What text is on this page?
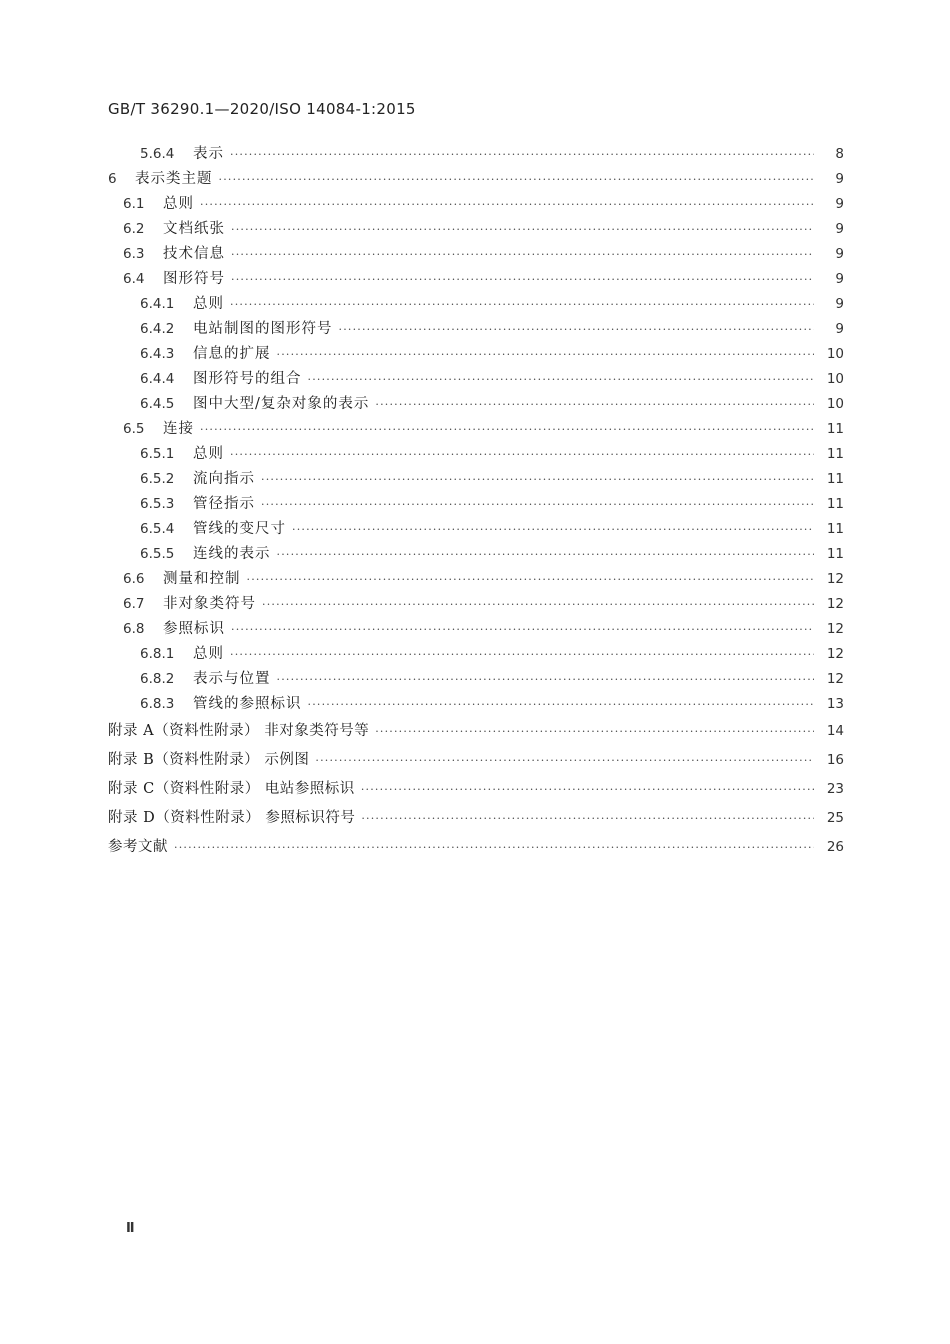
GB/T 36290.1—2020/ISO 14084-1:2015
5.6.4	表示 ·····	8
6	表示类主题 ·····	9
6.1	总则 ·····	9
6.2	文档纸张 ·····	9
6.3	技术信息 ·····	9
6.4	图形符号 ·····	9
6.4.1	总则 ·····	9
6.4.2	电站制图的图形符号 ·····	9
6.4.3	信息的扩展 ·····	10
6.4.4	图形符号的组合 ·····	10
6.4.5	图中大型/复杂对象的表示 ·····	10
6.5	连接 ·····	11
6.5.1	总则 ·····	11
6.5.2	流向指示 ·····	11
6.5.3	管径指示 ·····	11
6.5.4	管线的变尺寸 ·····	11
6.5.5	连线的表示 ·····	11
6.6	测量和控制 ·····	12
6.7	非对象类符号 ·····	12
6.8	参照标识 ·····	12
6.8.1	总则 ·····	12
6.8.2	表示与位置 ·····	12
6.8.3	管线的参照标识 ·····	13
附录 A（资料性附录） 非对象类符号等 ·····	14
附录 B（资料性附录） 示例图 ·····	16
附录 C（资料性附录） 电站参照标识 ·····	23
附录 D（资料性附录） 参照标识符号 ·····	25
参考文献 ·····	26
Ⅱ
